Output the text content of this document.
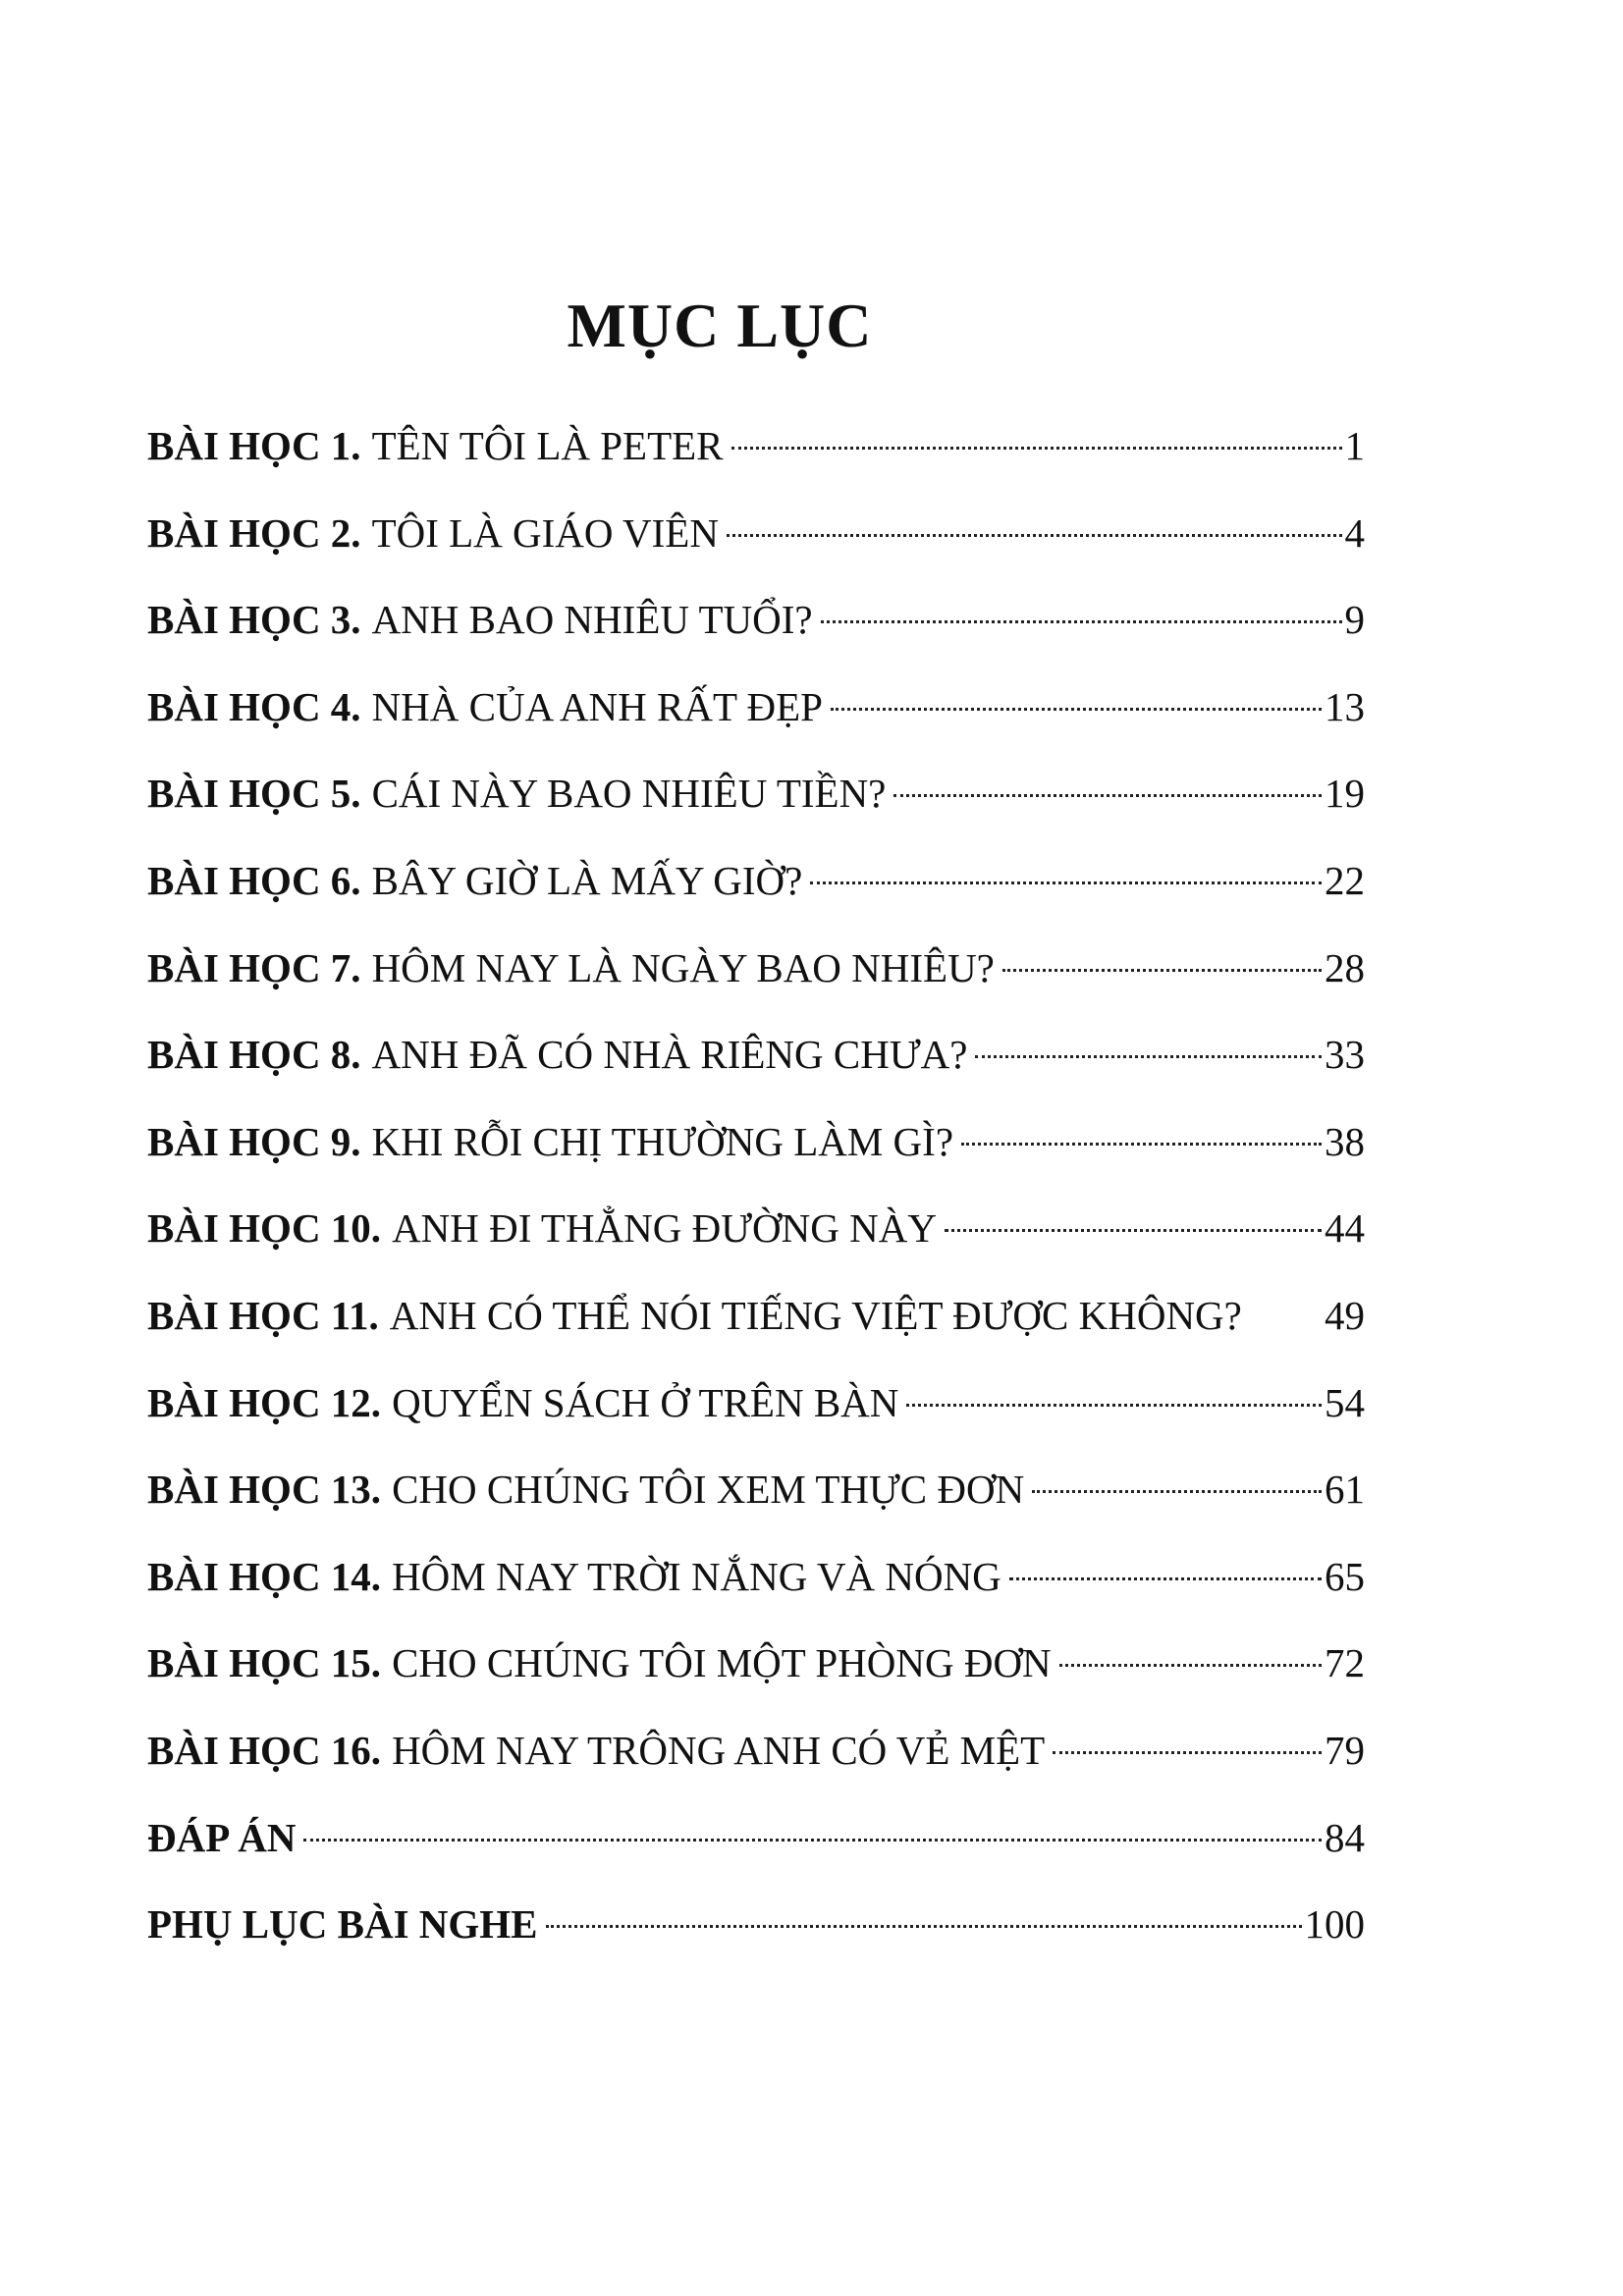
MỤC LỤC
BÀI HỌC 1. TÊN TÔI LÀ PETER	1
BÀI HỌC 2. TÔI LÀ GIÁO VIÊN	4
BÀI HỌC 3. ANH BAO NHIÊU TUỔI?	9
BÀI HỌC 4. NHÀ CỦA ANH RẤT ĐẸP	13
BÀI HỌC 5. CÁI NÀY BAO NHIÊU TIỀN?	19
BÀI HỌC 6. BÂY GIỜ LÀ MẤY GIỜ?	22
BÀI HỌC 7. HÔM NAY LÀ NGÀY BAO NHIÊU?	28
BÀI HỌC 8. ANH ĐÃ CÓ NHÀ RIÊNG CHƯA?	33
BÀI HỌC 9. KHI RỖI CHỊ THƯỜNG LÀM GÌ?	38
BÀI HỌC 10. ANH ĐI THẲNG ĐƯỜNG NÀY	44
BÀI HỌC 11. ANH CÓ THỂ NÓI TIẾNG VIỆT ĐƯỢC KHÔNG? 49
BÀI HỌC 12. QUYỂN SÁCH Ở TRÊN BÀN	54
BÀI HỌC 13. CHO CHÚNG TÔI XEM THỰC ĐƠN	61
BÀI HỌC 14. HÔM NAY TRỜI NẮNG VÀ NÓNG	65
BÀI HỌC 15. CHO CHÚNG TÔI MỘT PHÒNG ĐƠN	72
BÀI HỌC 16. HÔM NAY TRÔNG ANH CÓ VẺ MỆT	79
ĐÁP ÁN	84
PHỤ LỤC BÀI NGHE	100
